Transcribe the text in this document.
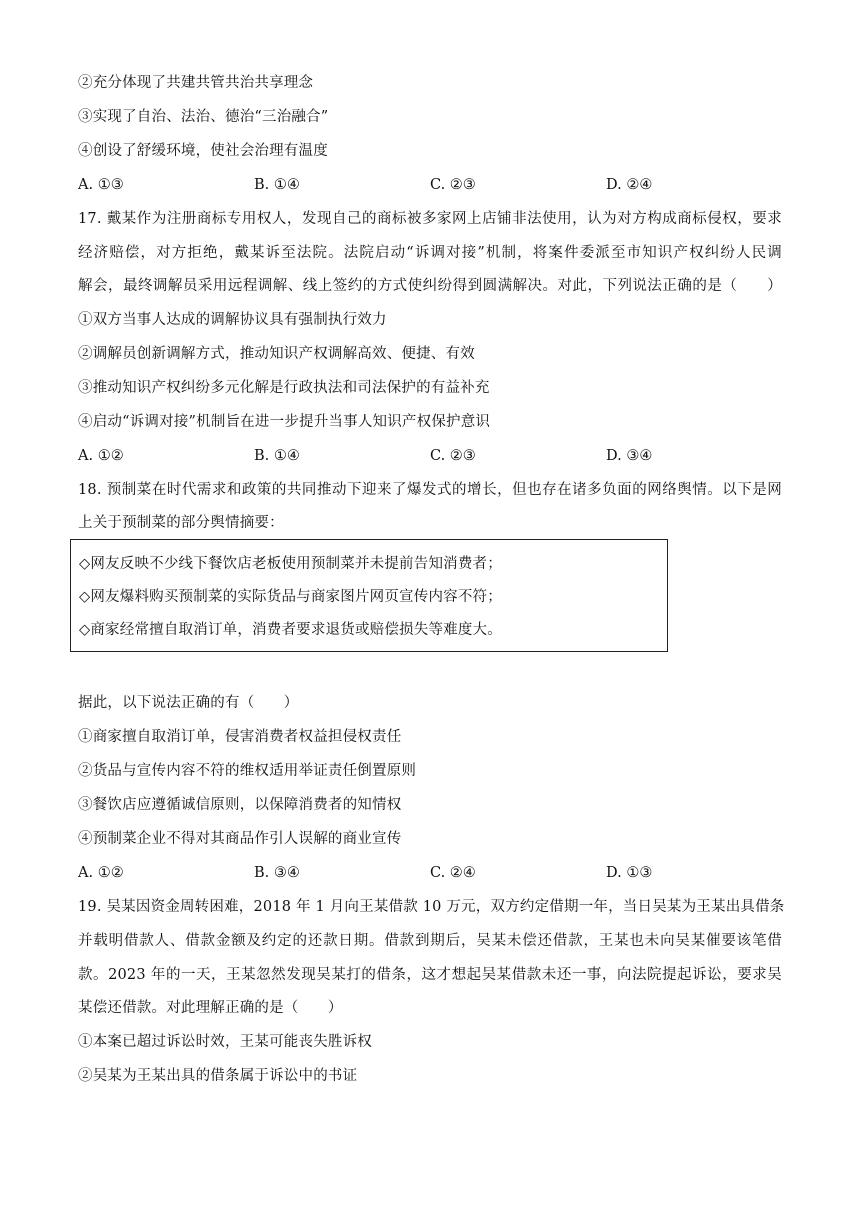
②充分体现了共建共管共治共享理念
③实现了自治、法治、德治“三治融合”
④创设了舒缓环境，使社会治理有温度
A. ①③	B. ①④	C. ②③	D. ②④
17. 戴某作为注册商标专用权人，发现自己的商标被多家网上店铺非法使用，认为对方构成商标侵权，要求
经济赔偿，对方拒绝，戴某诉至法院。法院启动“诉调对接”机制，将案件委派至市知识产权纠纷人民调
解会，最终调解员采用远程调解、线上签约的方式使纠纷得到圆满解决。对此，下列说法正确的是（　　）
①双方当事人达成的调解协议具有强制执行效力
②调解员创新调解方式，推动知识产权调解高效、便捷、有效
③推动知识产权纠纷多元化解是行政执法和司法保护的有益补充
④启动“诉调对接”机制旨在进一步提升当事人知识产权保护意识
A. ①②	B. ①④	C. ②③	D. ③④
18. 预制菜在时代需求和政策的共同推动下迎来了爆发式的增长，但也存在诸多负面的网络舆情。以下是网
上关于预制菜的部分舆情摘要：
◇网友反映不少线下餐饮店老板使用预制菜并未提前告知消费者；
◇网友爆料购买预制菜的实际货品与商家图片网页宣传内容不符；
◇商家经常擅自取消订单，消费者要求退货或赔偿损失等难度大。
据此，以下说法正确的有（　　）
①商家擅自取消订单，侵害消费者权益担侵权责任
②货品与宣传内容不符的维权适用举证责任倒置原则
③餐饮店应遵循诚信原则，以保障消费者的知情权
④预制菜企业不得对其商品作引人误解的商业宣传
A. ①②	B. ③④	C. ②④	D. ①③
19. 吴某因资金周转困难，2018 年 1 月向王某借款 10 万元，双方约定借期一年，当日吴某为王某出具借条
并载明借款人、借款金额及约定的还款日期。借款到期后，吴某未偿还借款，王某也未向吴某催要该笔借
款。2023 年的一天，王某忽然发现吴某打的借条，这才想起吴某借款未还一事，向法院提起诉讼，要求吴
某偿还借款。对此理解正确的是（　　）
①本案已超过诉讼时效，王某可能丧失胜诉权
②吴某为王某出具的借条属于诉讼中的书证
